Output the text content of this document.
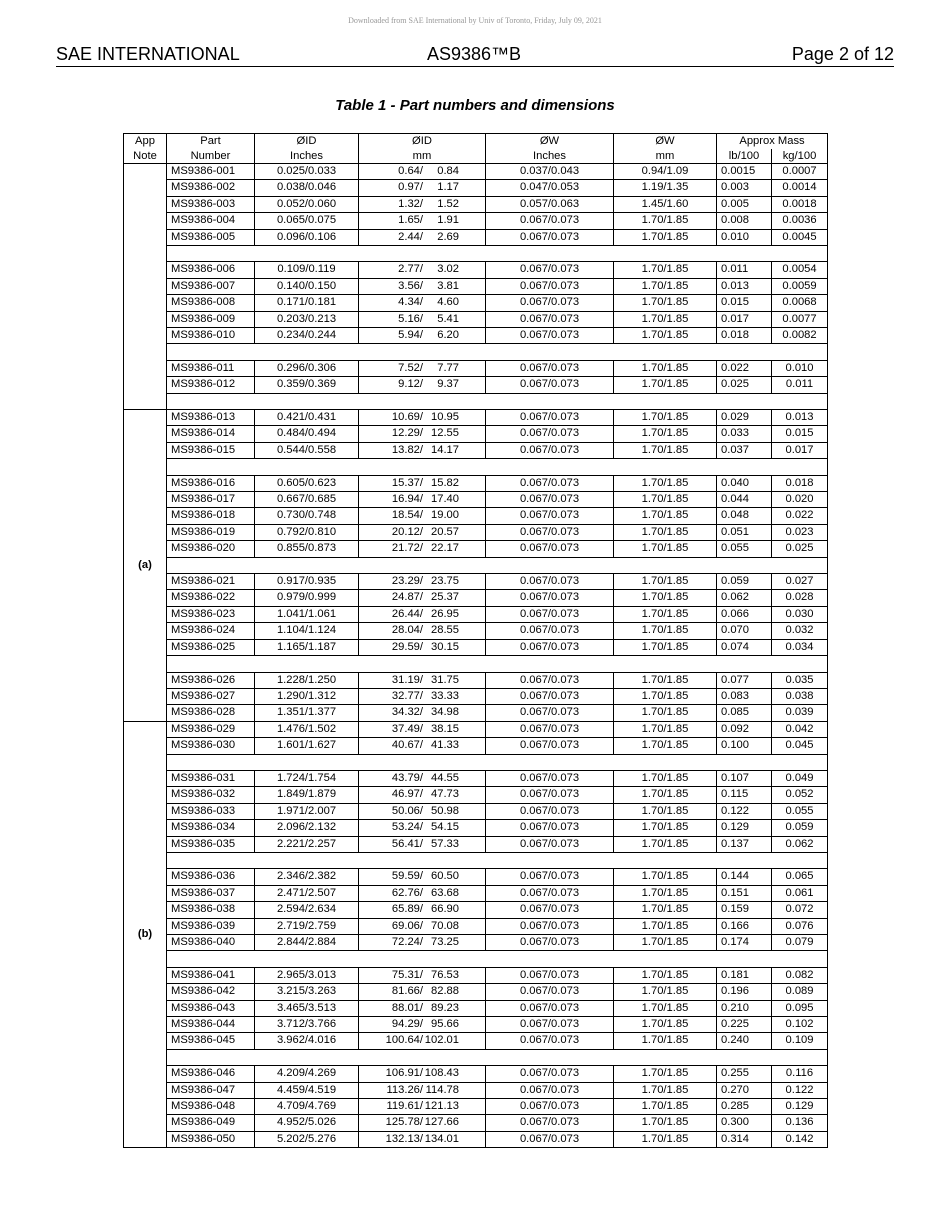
Downloaded from SAE International by Univ of Toronto, Friday, July 09, 2021
SAE INTERNATIONAL	AS9386™B	Page 2 of 12
Table 1 - Part numbers and dimensions
App	Part	ØID	ØID	ØW	ØW	Approx Mass	
Note	Number	Inches	mm	Inches	mm	lb/100	kg/100
	MS9386-001	0.025/0.033	0.64/ 0.84	0.037/0.043	0.94/1.09	0.0015	0.0007
	MS9386-002	0.038/0.046	0.97/ 1.17	0.047/0.053	1.19/1.35	0.003	0.0014
	MS9386-003	0.052/0.060	1.32/ 1.52	0.057/0.063	1.45/1.60	0.005	0.0018
	MS9386-004	0.065/0.075	1.65/ 1.91	0.067/0.073	1.70/1.85	0.008	0.0036
	MS9386-005	0.096/0.106	2.44/ 2.69	0.067/0.073	1.70/1.85	0.010	0.0045

	MS9386-006	0.109/0.119	2.77/ 3.02	0.067/0.073	1.70/1.85	0.011	0.0054
	MS9386-007	0.140/0.150	3.56/ 3.81	0.067/0.073	1.70/1.85	0.013	0.0059
	MS9386-008	0.171/0.181	4.34/ 4.60	0.067/0.073	1.70/1.85	0.015	0.0068
	MS9386-009	0.203/0.213	5.16/ 5.41	0.067/0.073	1.70/1.85	0.017	0.0077
	MS9386-010	0.234/0.244	5.94/ 6.20	0.067/0.073	1.70/1.85	0.018	0.0082

	MS9386-011	0.296/0.306	7.52/ 7.77	0.067/0.073	1.70/1.85	0.022	0.010
	MS9386-012	0.359/0.369	9.12/ 9.37	0.067/0.073	1.70/1.85	0.025	0.011

(a)	MS9386-013	0.421/0.431	10.69/ 10.95	0.067/0.073	1.70/1.85	0.029	0.013
	MS9386-014	0.484/0.494	12.29/ 12.55	0.067/0.073	1.70/1.85	0.033	0.015
	MS9386-015	0.544/0.558	13.82/ 14.17	0.067/0.073	1.70/1.85	0.037	0.017

	MS9386-016	0.605/0.623	15.37/ 15.82	0.067/0.073	1.70/1.85	0.040	0.018
	MS9386-017	0.667/0.685	16.94/ 17.40	0.067/0.073	1.70/1.85	0.044	0.020
	MS9386-018	0.730/0.748	18.54/ 19.00	0.067/0.073	1.70/1.85	0.048	0.022
	MS9386-019	0.792/0.810	20.12/ 20.57	0.067/0.073	1.70/1.85	0.051	0.023
	MS9386-020	0.855/0.873	21.72/ 22.17	0.067/0.073	1.70/1.85	0.055	0.025

	MS9386-021	0.917/0.935	23.29/ 23.75	0.067/0.073	1.70/1.85	0.059	0.027
	MS9386-022	0.979/0.999	24.87/ 25.37	0.067/0.073	1.70/1.85	0.062	0.028
	MS9386-023	1.041/1.061	26.44/ 26.95	0.067/0.073	1.70/1.85	0.066	0.030
	MS9386-024	1.104/1.124	28.04/ 28.55	0.067/0.073	1.70/1.85	0.070	0.032
	MS9386-025	1.165/1.187	29.59/ 30.15	0.067/0.073	1.70/1.85	0.074	0.034

	MS9386-026	1.228/1.250	31.19/ 31.75	0.067/0.073	1.70/1.85	0.077	0.035
	MS9386-027	1.290/1.312	32.77/ 33.33	0.067/0.073	1.70/1.85	0.083	0.038
	MS9386-028	1.351/1.377	34.32/ 34.98	0.067/0.073	1.70/1.85	0.085	0.039
(b)	MS9386-029	1.476/1.502	37.49/ 38.15	0.067/0.073	1.70/1.85	0.092	0.042
	MS9386-030	1.601/1.627	40.67/ 41.33	0.067/0.073	1.70/1.85	0.100	0.045

	MS9386-031	1.724/1.754	43.79/ 44.55	0.067/0.073	1.70/1.85	0.107	0.049
	MS9386-032	1.849/1.879	46.97/ 47.73	0.067/0.073	1.70/1.85	0.115	0.052
	MS9386-033	1.971/2.007	50.06/ 50.98	0.067/0.073	1.70/1.85	0.122	0.055
	MS9386-034	2.096/2.132	53.24/ 54.15	0.067/0.073	1.70/1.85	0.129	0.059
	MS9386-035	2.221/2.257	56.41/ 57.33	0.067/0.073	1.70/1.85	0.137	0.062

	MS9386-036	2.346/2.382	59.59/ 60.50	0.067/0.073	1.70/1.85	0.144	0.065
	MS9386-037	2.471/2.507	62.76/ 63.68	0.067/0.073	1.70/1.85	0.151	0.061
	MS9386-038	2.594/2.634	65.89/ 66.90	0.067/0.073	1.70/1.85	0.159	0.072
	MS9386-039	2.719/2.759	69.06/ 70.08	0.067/0.073	1.70/1.85	0.166	0.076
	MS9386-040	2.844/2.884	72.24/ 73.25	0.067/0.073	1.70/1.85	0.174	0.079

	MS9386-041	2.965/3.013	75.31/ 76.53	0.067/0.073	1.70/1.85	0.181	0.082
	MS9386-042	3.215/3.263	81.66/ 82.88	0.067/0.073	1.70/1.85	0.196	0.089
	MS9386-043	3.465/3.513	88.01/ 89.23	0.067/0.073	1.70/1.85	0.210	0.095
	MS9386-044	3.712/3.766	94.29/ 95.66	0.067/0.073	1.70/1.85	0.225	0.102
	MS9386-045	3.962/4.016	100.64/ 102.01	0.067/0.073	1.70/1.85	0.240	0.109

	MS9386-046	4.209/4.269	106.91/ 108.43	0.067/0.073	1.70/1.85	0.255	0.116
	MS9386-047	4.459/4.519	113.26/ 114.78	0.067/0.073	1.70/1.85	0.270	0.122
	MS9386-048	4.709/4.769	119.61/ 121.13	0.067/0.073	1.70/1.85	0.285	0.129
	MS9386-049	4.952/5.026	125.78/ 127.66	0.067/0.073	1.70/1.85	0.300	0.136
	MS9386-050	5.202/5.276	132.13/ 134.01	0.067/0.073	1.70/1.85	0.314	0.142
